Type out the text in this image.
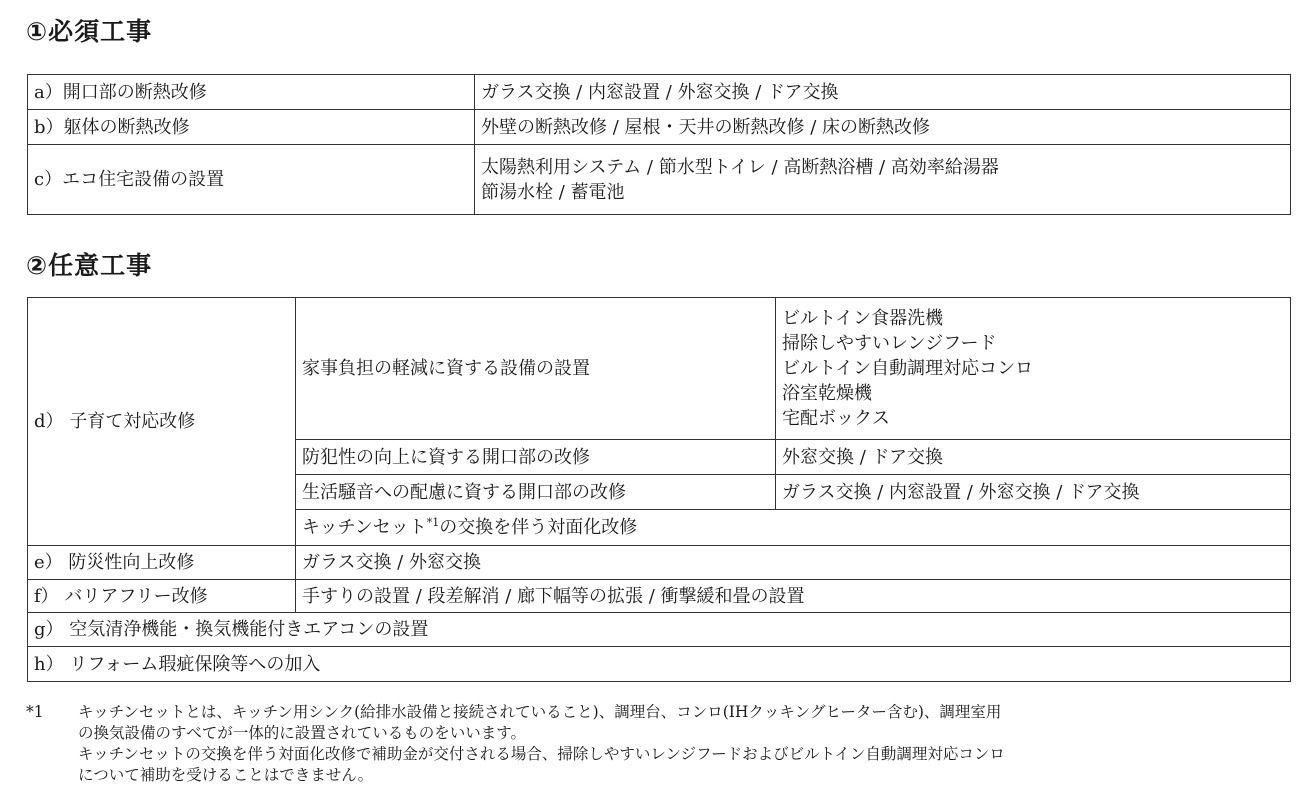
①必須工事
a）開口部の断熱改修	ガラス交換 / 内窓設置 / 外窓交換 / ドア交換

b）躯体の断熱改修	外壁の断熱改修 / 屋根・天井の断熱改修 / 床の断熱改修

c）エコ住宅設備の設置	太陽熱利用システム / 節水型トイレ / 高断熱浴槽 / 高効率給湯器
節湯水栓 / 蓄電池
②任意工事
d） 子育て対応改修	家事負担の軽減に資する設備の設置	ビルトイン食器洗機
掃除しやすいレンジフード
ビルトイン自動調理対応コンロ
浴室乾燥機
宅配ボックス

	防犯性の向上に資する開口部の改修	外窓交換 / ドア交換
	生活騒音への配慮に資する開口部の改修	ガラス交換 / 内窓設置 / 外窓交換 / ドア交換
	キッチンセット$^{*1}$の交換を伴う対面化改修	
e） 防災性向上改修	ガラス交換 / 外窓交換	
f） バリアフリー改修	手すりの設置 / 段差解消 / 廊下幅等の拡張 / 衝撃緩和畳の設置	
g） 空気清浄機能・換気機能付きエアコンの設置		
h） リフォーム瑕疵保険等への加入		
*1	キッチンセットとは、キッチン用シンク(給排水設備と接続されていること)、調理台、コンロ(IHクッキングヒーター含む)、調理室用
の換気設備のすべてが一体的に設置されているものをいいます。
キッチンセットの交換を伴う対面化改修で補助金が交付される場合、掃除しやすいレンジフードおよびビルトイン自動調理対応コンロ
について補助を受けることはできません。
